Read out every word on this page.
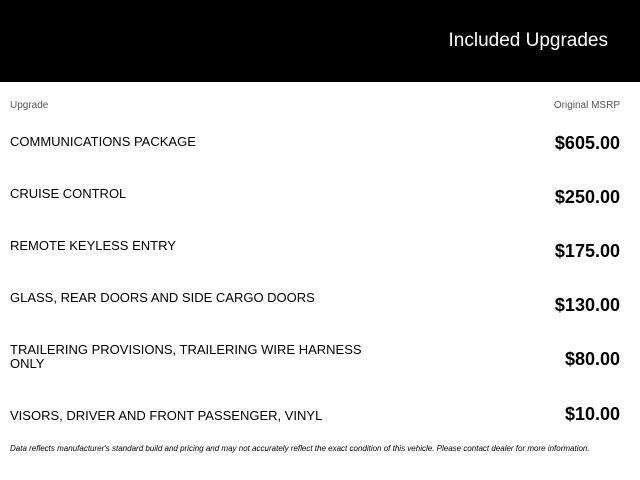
Included Upgrades
Upgrade	Original MSRP
COMMUNICATIONS PACKAGE	$605.00
CRUISE CONTROL	$250.00
REMOTE KEYLESS ENTRY	$175.00
GLASS, REAR DOORS AND SIDE CARGO DOORS	$130.00
TRAILERING PROVISIONS, TRAILERING WIRE HARNESS ONLY	$80.00
VISORS, DRIVER AND FRONT PASSENGER, VINYL	$10.00
Data reflects manufacturer's standard build and pricing and may not accurately reflect the exact condition of this vehicle. Please contact dealer for more information.
